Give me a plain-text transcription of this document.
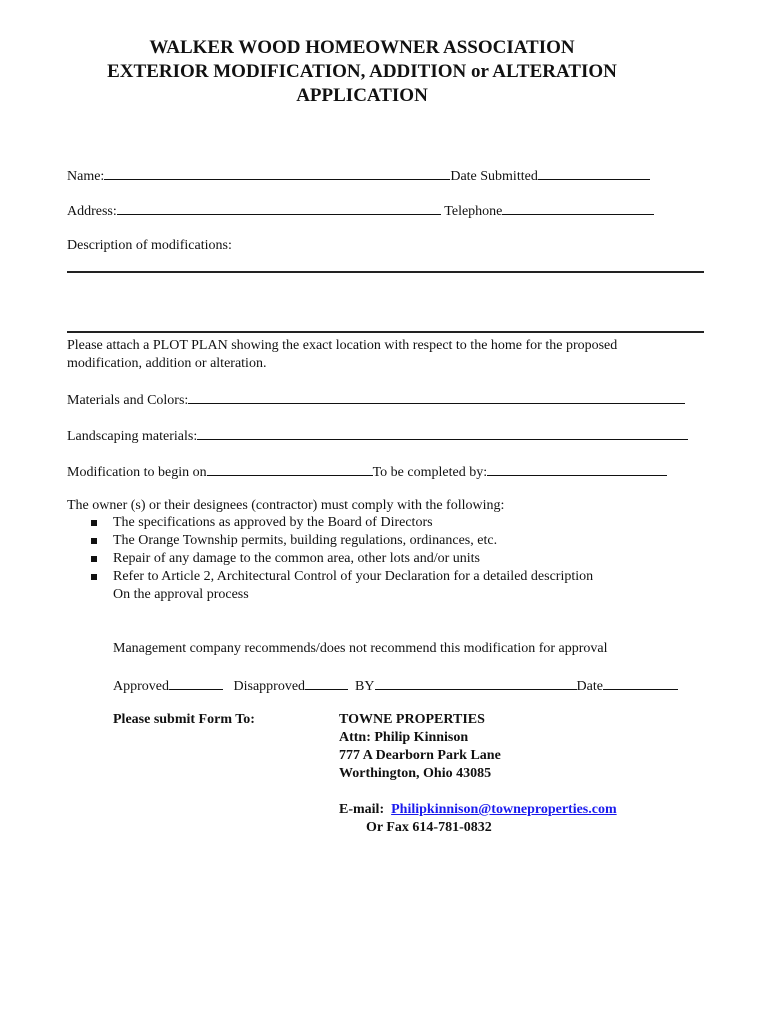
WALKER WOOD HOMEOWNER ASSOCIATION
EXTERIOR MODIFICATION, ADDITION or ALTERATION
APPLICATION
Name:	Date Submitted
Address:	Telephone
Description of modifications:
Please attach a PLOT PLAN showing the exact location with respect to the home for the proposed
modification, addition or alteration.
Materials and Colors:
Landscaping materials:
Modification to begin on	To be completed by:
The owner (s) or their designees (contractor) must comply with the following:
The specifications as approved by the Board of Directors
The Orange Township permits, building regulations, ordinances, etc.
Repair of any damage to the common area, other lots and/or units
Refer to Article 2, Architectural Control of your Declaration for a detailed description
On the approval process
Management company recommends/does not recommend this modification for approval
Approved	Disapproved	BY	Date
Please submit Form To:	TOWNE PROPERTIES
Attn: Philip Kinnison
777 A Dearborn Park Lane
Worthington, Ohio 43085
E-mail: Philipkinnison@towneproperties.com
Or Fax 614-781-0832
